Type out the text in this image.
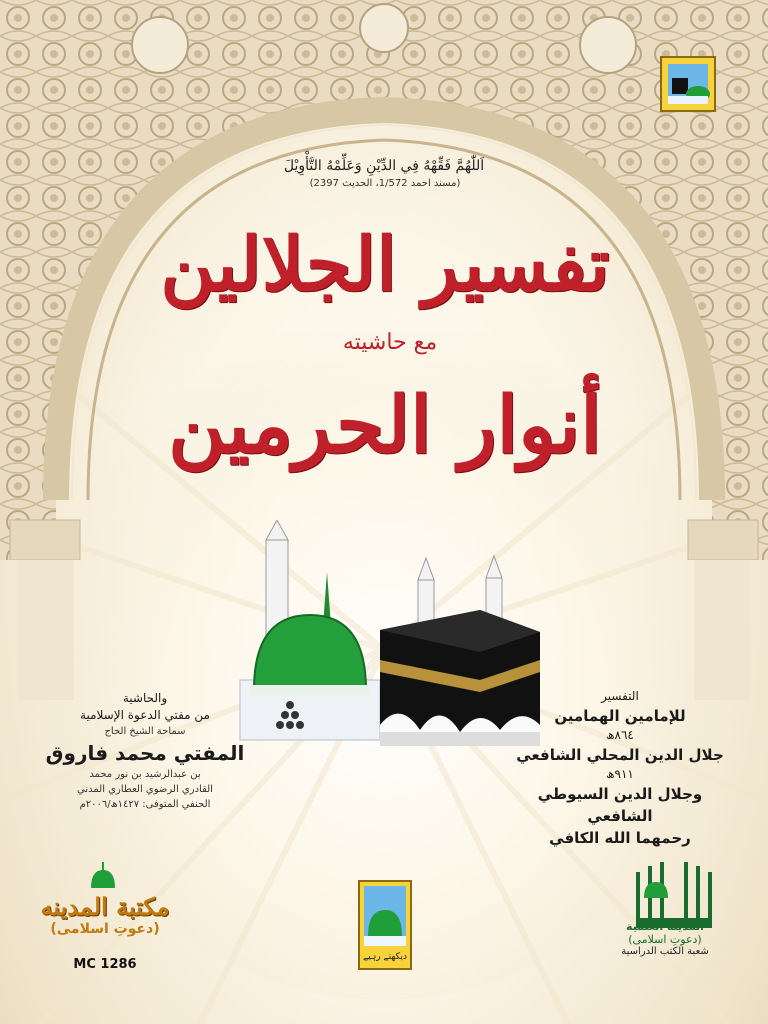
اَللّٰهُمَّ فَقِّهْهُ فِي الدِّيْنِ وَعَلِّمْهُ التَّأْوِيْلَ
(مسند احمد 1/572، الحديث 2397)
تفسير الجلالين
مع حاشيته
أنوار الحرمين
التفسير
للإمامين الهمامين
٨٦٤ھ
جلال الدين المحلي الشافعي
٩١١ھ
وجلال الدين السيوطي الشافعي
رحمهما الله الكافي
والحاشية
من مفتي الدعوة الإسلامية
سماحة الشيخ الحاج
المفتي محمد فاروق
بن عبدالرشيد بن نور محمد
القادري الرضوي العطاري المدني
الحنفي المتوفى: ١٤٢٧ھ/٢٠٠٦م
مكتبة المدينه
(دعوتِ اسلامی)
MC 1286	دیکھتے رہیے
المدينة العلمية
(دعوتِ اسلامی)
شعبة الكتب الدراسية
